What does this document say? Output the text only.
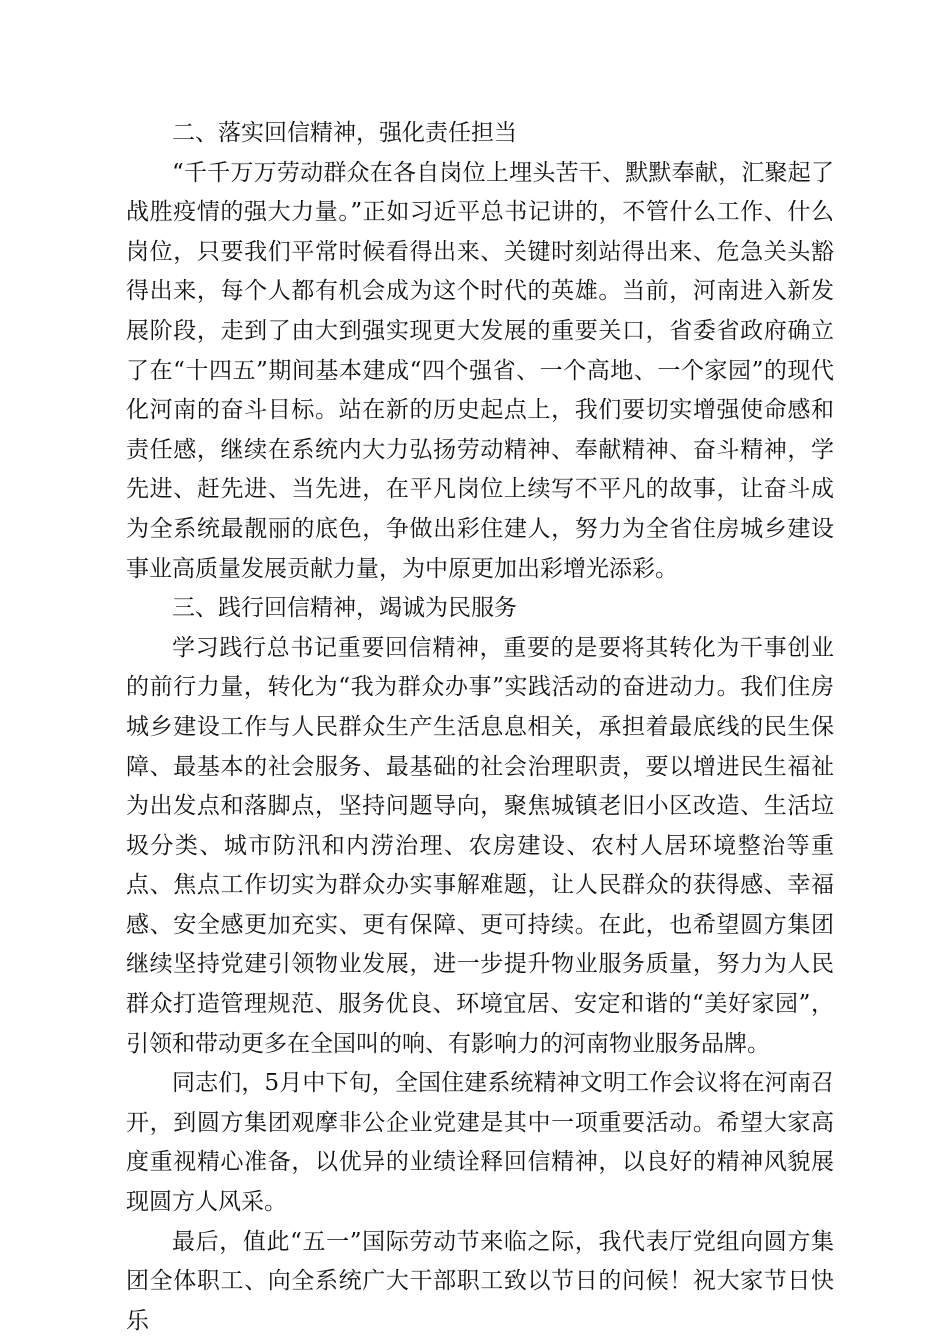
二、落实回信精神，强化责任担当

“千千万万劳动群众在各自岗位上埋头苦干、默默奉献，汇聚起了战胜疫情的强大力量。”正如习近平总书记讲的，不管什么工作、什么岗位，只要我们平常时候看得出来、关键时刻站得出来、危急关头豁得出来，每个人都有机会成为这个时代的英雄。当前，河南进入新发展阶段，走到了由大到强实现更大发展的重要关口，省委省政府确立了在“十四五”期间基本建成“四个强省、一个高地、一个家园”的现代化河南的奋斗目标。站在新的历史起点上，我们要切实增强使命感和责任感，继续在系统内大力弘扬劳动精神、奉献精神、奋斗精神，学先进、赶先进、当先进，在平凡岗位上续写不平凡的故事，让奋斗成为全系统最靓丽的底色，争做出彩住建人，努力为全省住房城乡建设事业高质量发展贡献力量，为中原更加出彩增光添彩。

三、践行回信精神，竭诚为民服务

学习践行总书记重要回信精神，重要的是要将其转化为干事创业的前行力量，转化为“我为群众办事”实践活动的奋进动力。我们住房城乡建设工作与人民群众生产生活息息相关，承担着最底线的民生保障、最基本的社会服务、最基础的社会治理职责，要以增进民生福祉为出发点和落脚点，坚持问题导向，聚焦城镇老旧小区改造、生活垃圾分类、城市防汛和内涝治理、农房建设、农村人居环境整治等重点、焦点工作切实为群众办实事解难题，让人民群众的获得感、幸福感、安全感更加充实、更有保障、更可持续。在此，也希望圆方集团继续坚持党建引领物业发展，进一步提升物业服务质量，努力为人民群众打造管理规范、服务优良、环境宜居、安定和谐的“美好家园”，引领和带动更多在全国叫的响、有影响力的河南物业服务品牌。

同志们，5月中下旬，全国住建系统精神文明工作会议将在河南召开，到圆方集团观摩非公企业党建是其中一项重要活动。希望大家高度重视精心准备，以优异的业绩诠释回信精神，以良好的精神风貌展现圆方人风采。

最后，值此“五一”国际劳动节来临之际，我代表厅党组向圆方集团全体职工、向全系统广大干部职工致以节日的问候！祝大家节日快乐
